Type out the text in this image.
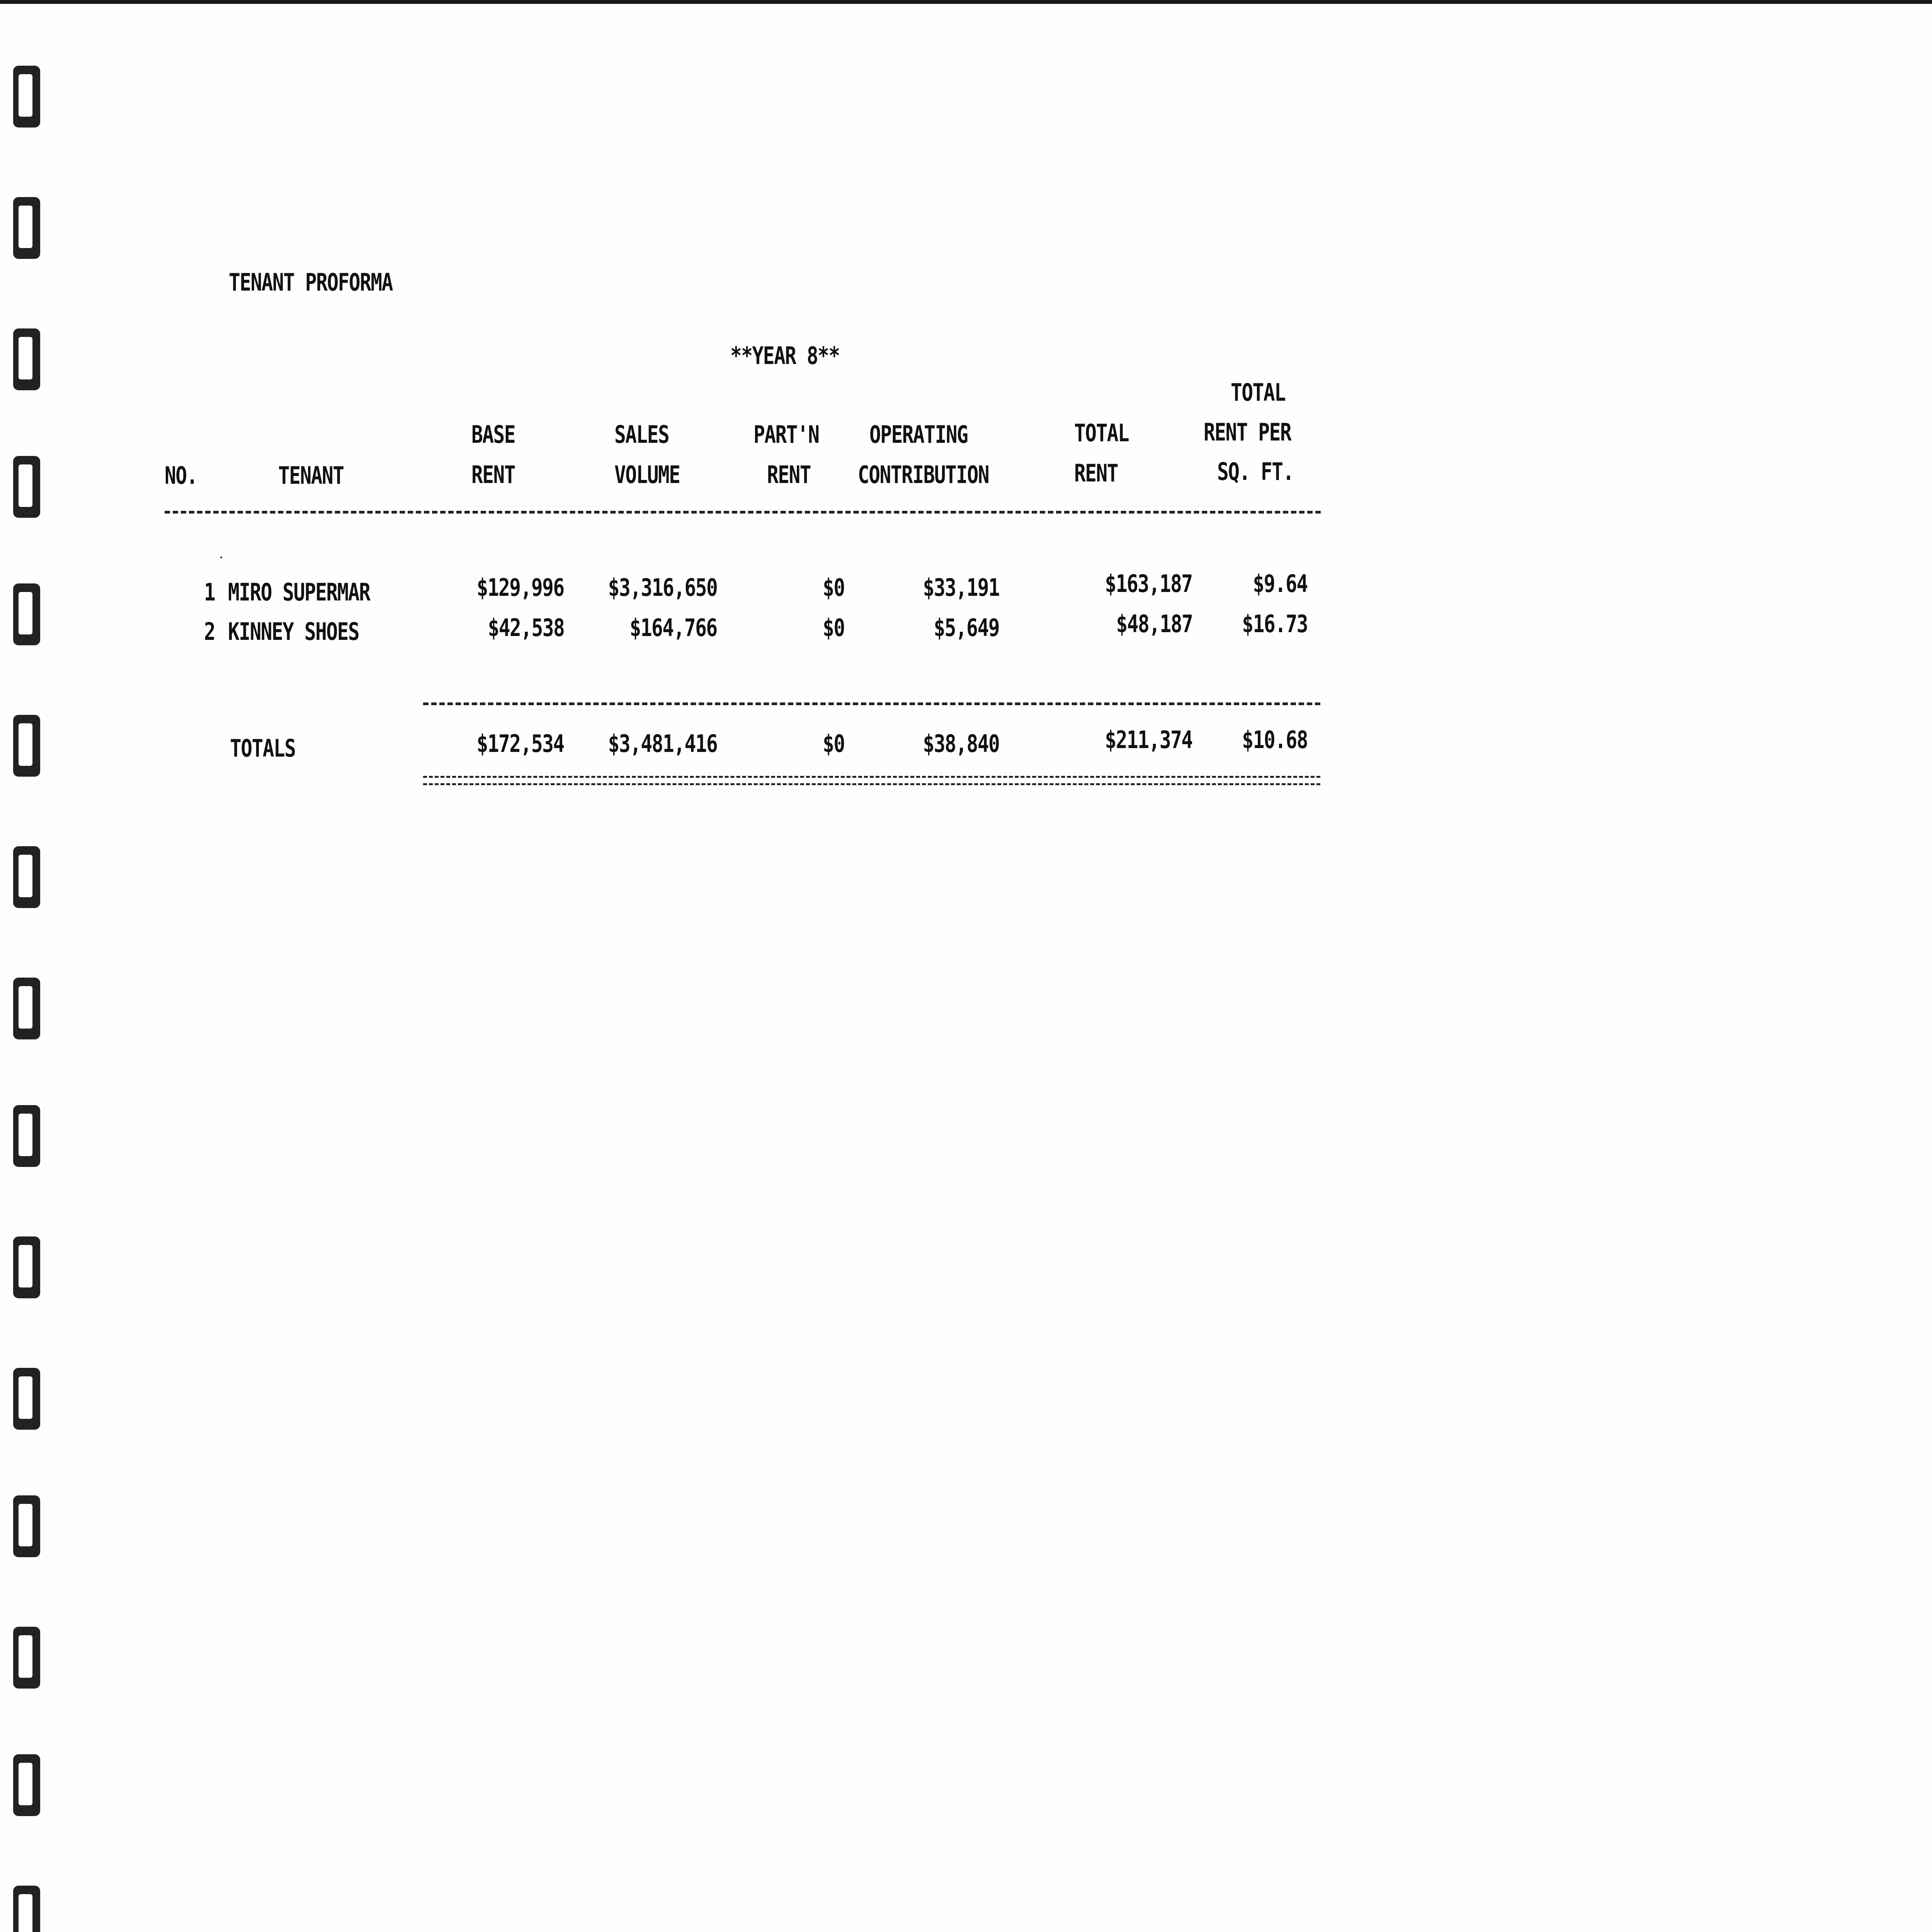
TENANT PROFORMA
**YEAR 8**
NO.	TENANT
BASE
RENT
SALES
VOLUME
PART'N
RENT
OPERATING
CONTRIBUTION
TOTAL
RENT
TOTAL
RENT PER
SQ. FT.
1 MIRO SUPERMAR	$129,996 $3,316,650	$0	$33,191	$163,187	$9.64
2 KINNEY SHOES	$42,538	$164,766	$0	$5,649	$48,187 $16.73
TOTALS	$172,534 $3,481,416	$0	$38,840	$211,374 $10.68
